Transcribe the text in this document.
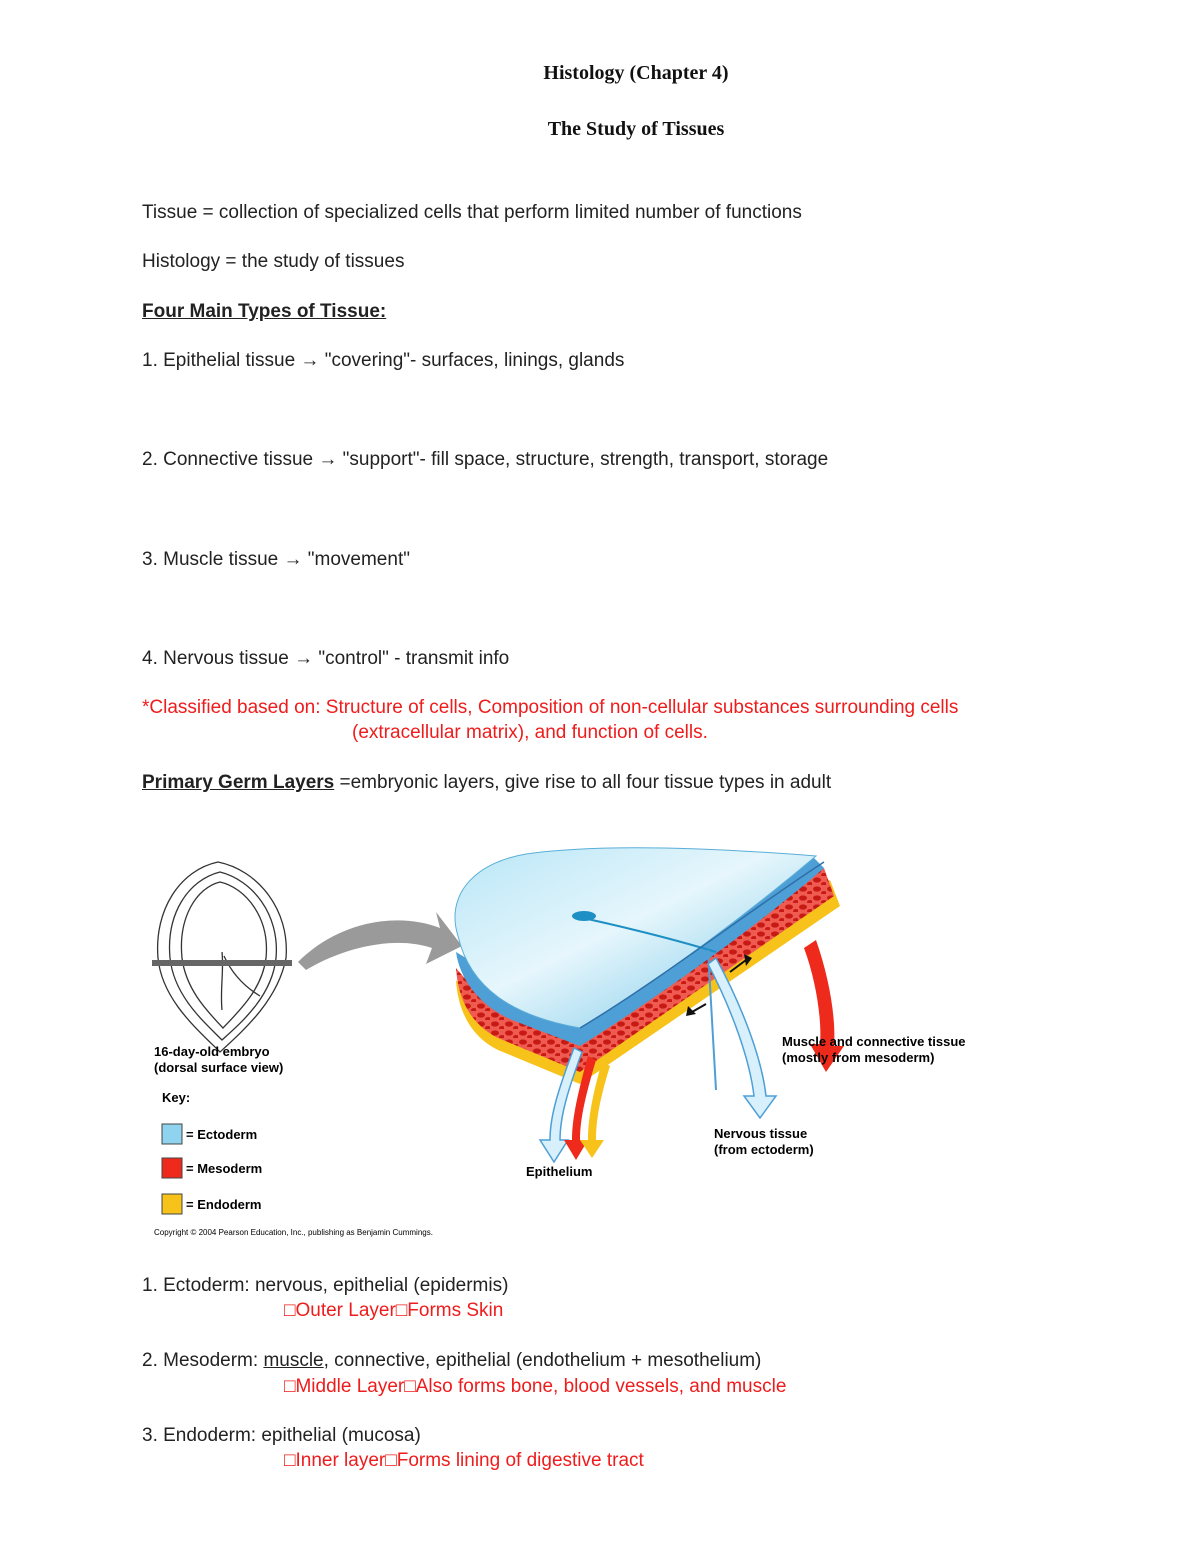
Histology (Chapter 4)
The Study of Tissues
Tissue = collection of specialized cells that perform limited number of functions
Histology = the study of tissues
Four Main Types of Tissue:
1. Epithelial tissue → "covering"- surfaces, linings, glands
2. Connective tissue → "support"- fill space, structure, strength, transport, storage
3. Muscle tissue → "movement"
4. Nervous tissue → "control" - transmit info
*Classified based on: Structure of cells, Composition of non-cellular substances surrounding cells
(extracellular matrix), and function of cells.
Primary Germ Layers =embryonic layers, give rise to all four tissue types in adult
16-day-old embryo
(dorsal surface view)
Key:
= Ectoderm
= Mesoderm
= Endoderm
Copyright © 2004 Pearson Education, Inc., publishing as Benjamin Cummings.
Muscle and connective tissue
(mostly from mesoderm)
Nervous tissue
(from ectoderm)
Epithelium
1. Ectoderm: nervous, epithelial (epidermis)
□Outer Layer□Forms Skin
2. Mesoderm: muscle, connective, epithelial (endothelium + mesothelium)
□Middle Layer□Also forms bone, blood vessels, and muscle
3. Endoderm: epithelial (mucosa)
□Inner layer□Forms lining of digestive tract
